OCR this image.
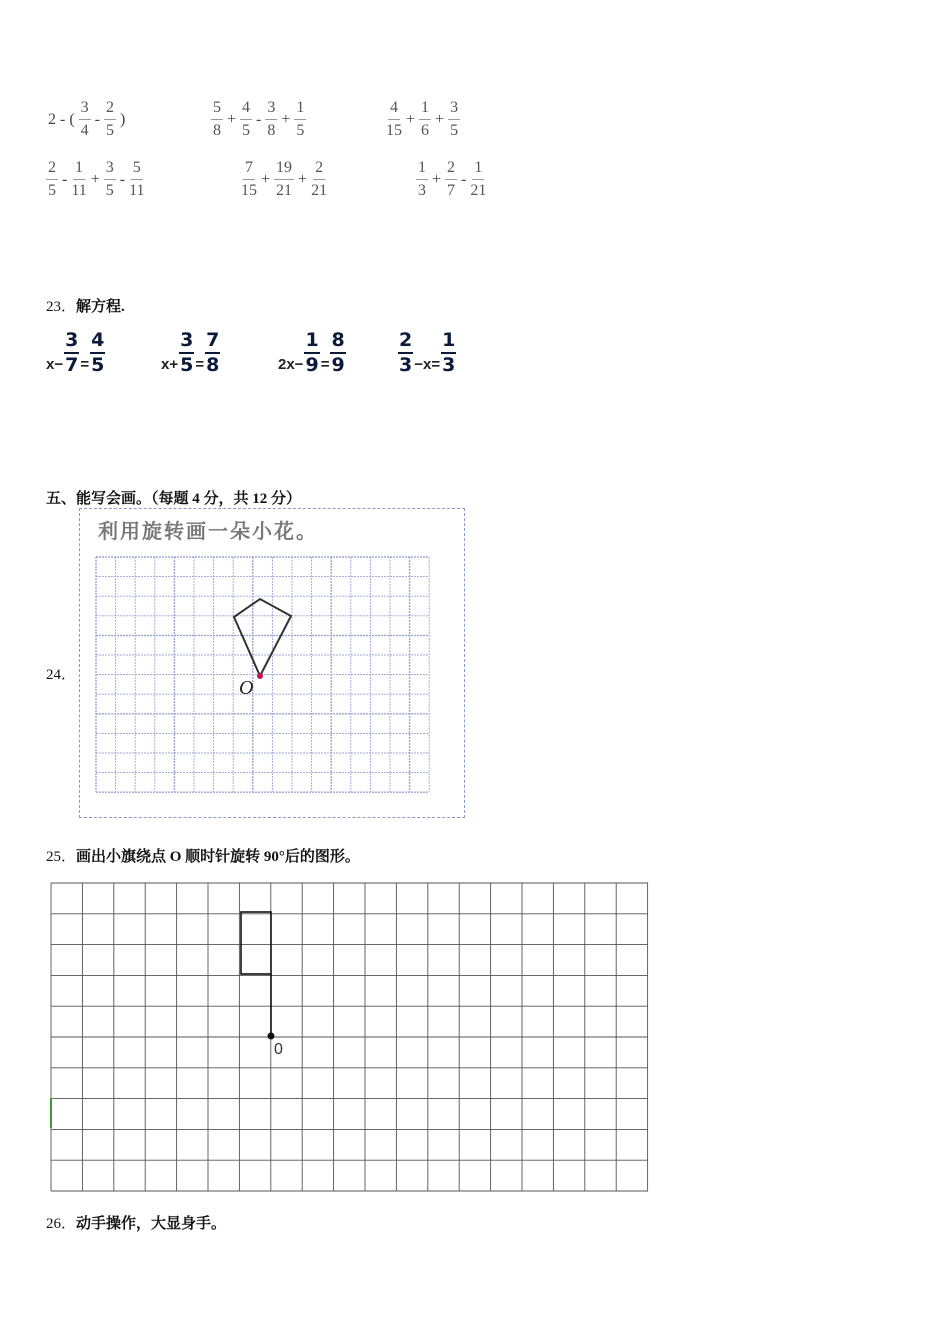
2 - ( $\frac{3}{4} - \frac{2}{5}$ )	$\frac{5}{8} + \frac{4}{5} - \frac{3}{8} + \frac{1}{5}$	$\frac{4}{15} + \frac{1}{6} + \frac{3}{5}$
$\frac{2}{5} - \frac{1}{11} + \frac{3}{5} - \frac{5}{11}$	$\frac{7}{15} + \frac{19}{21} + \frac{2}{21}$	$\frac{1}{3} + \frac{2}{7} - \frac{1}{21}$
23．解方程.
$x- \frac{3}{7} = \frac{4}{5}$	$x+ \frac{3}{5} = \frac{7}{8}$	$2x- \frac{1}{9} = \frac{8}{9}$	$\frac{2}{3} -x= \frac{1}{3}$
五、能写会画。（每题 4 分，共 12 分）
24．
利用旋转画一朵小花。
O
25．画出小旗绕点 O 顺时针旋转 90°后的图形。
0
26．动手操作，大显身手。
